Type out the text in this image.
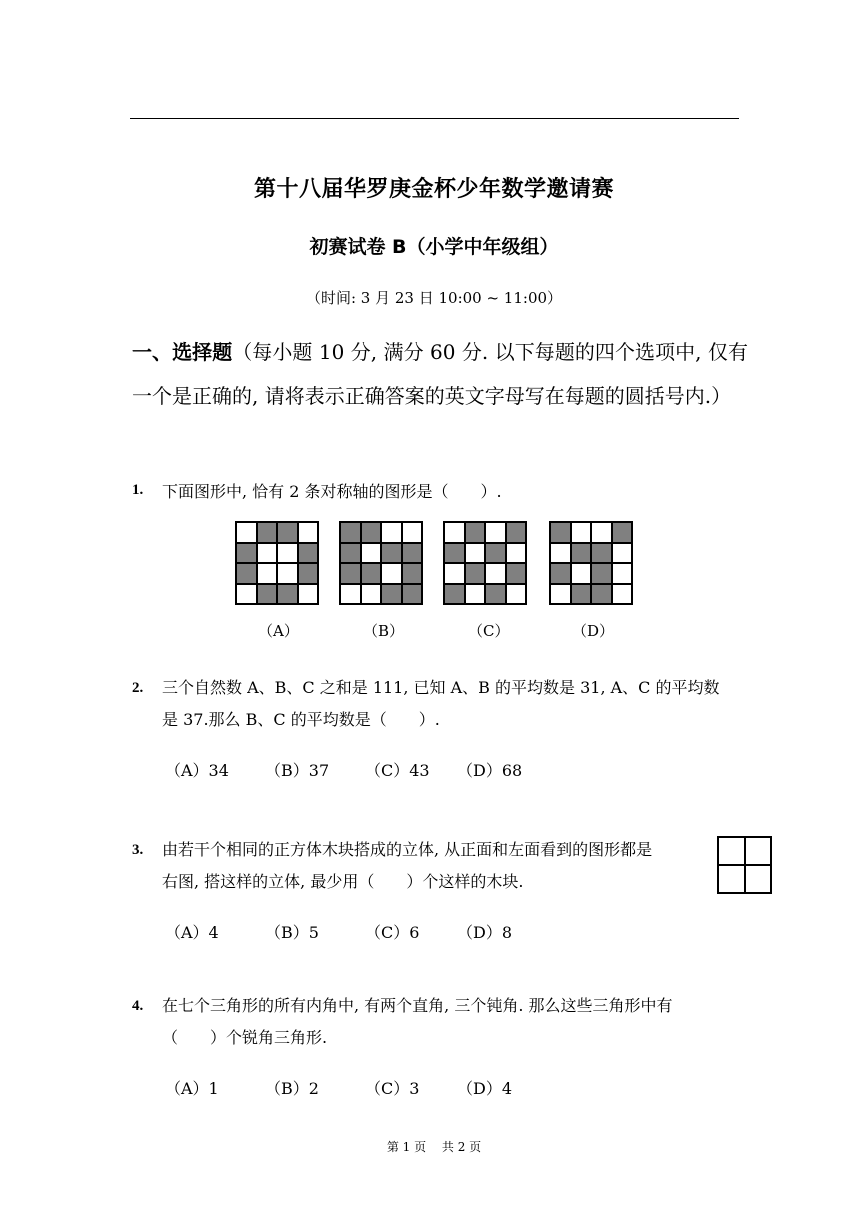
第十八届华罗庚金杯少年数学邀请赛
初赛试卷 B（小学中年级组）
（时间: 3 月 23 日 10:00 ~ 11:00）
一、选择题（每小题 10 分, 满分 60 分. 以下每题的四个选项中, 仅有一个是正确的, 请将表示正确答案的英文字母写在每题的圆括号内.）
1. 下面图形中, 恰有 2 条对称轴的图形是（　　）.
（A）	（B）	（C）	（D）
2. 三个自然数 A、B、C 之和是 111, 已知 A、B 的平均数是 31, A、C 的平均数
是 37.那么 B、C 的平均数是（　　）.
（A）34 （B）37 （C）43 （D）68
3. 由若干个相同的正方体木块搭成的立体, 从正面和左面看到的图形都是
右图, 搭这样的立体, 最少用（　　）个这样的木块.
（A）4	（B）5	（C）6 （D）8
4. 在七个三角形的所有内角中, 有两个直角, 三个钝角. 那么这些三角形中有
（　　）个锐角三角形.
（A）1	（B）2	（C）3 （D）4
第 1 页　 共 2 页
